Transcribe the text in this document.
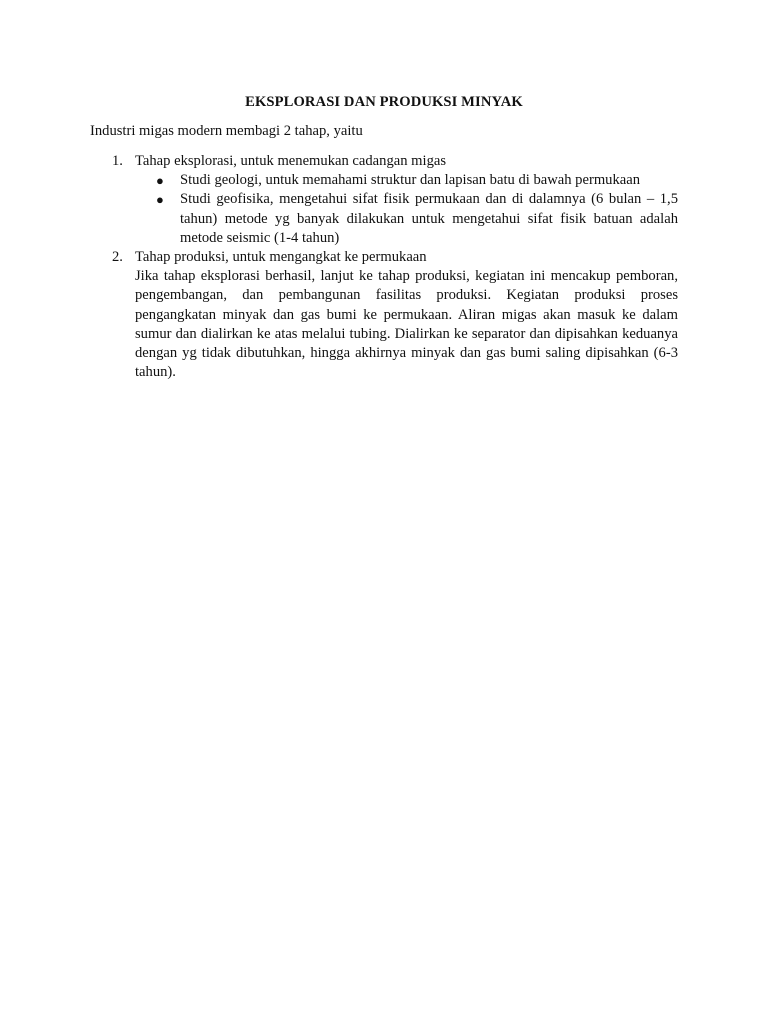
EKSPLORASI DAN PRODUKSI MINYAK
Industri migas modern membagi 2 tahap, yaitu
1. Tahap eksplorasi, untuk menemukan cadangan migas
● Studi geologi, untuk memahami struktur dan lapisan batu di bawah permukaan
● Studi geofisika, mengetahui sifat fisik permukaan dan di dalamnya (6 bulan – 1,5 tahun) metode yg banyak dilakukan untuk mengetahui sifat fisik batuan adalah metode seismic (1-4 tahun)
2. Tahap produksi, untuk mengangkat ke permukaan
Jika tahap eksplorasi berhasil, lanjut ke tahap produksi, kegiatan ini mencakup pemboran, pengembangan, dan pembangunan fasilitas produksi. Kegiatan produksi proses pengangkatan minyak dan gas bumi ke permukaan. Aliran migas akan masuk ke dalam sumur dan dialirkan ke atas melalui tubing. Dialirkan ke separator dan dipisahkan keduanya dengan yg tidak dibutuhkan, hingga akhirnya minyak dan gas bumi saling dipisahkan (6-3 tahun).
